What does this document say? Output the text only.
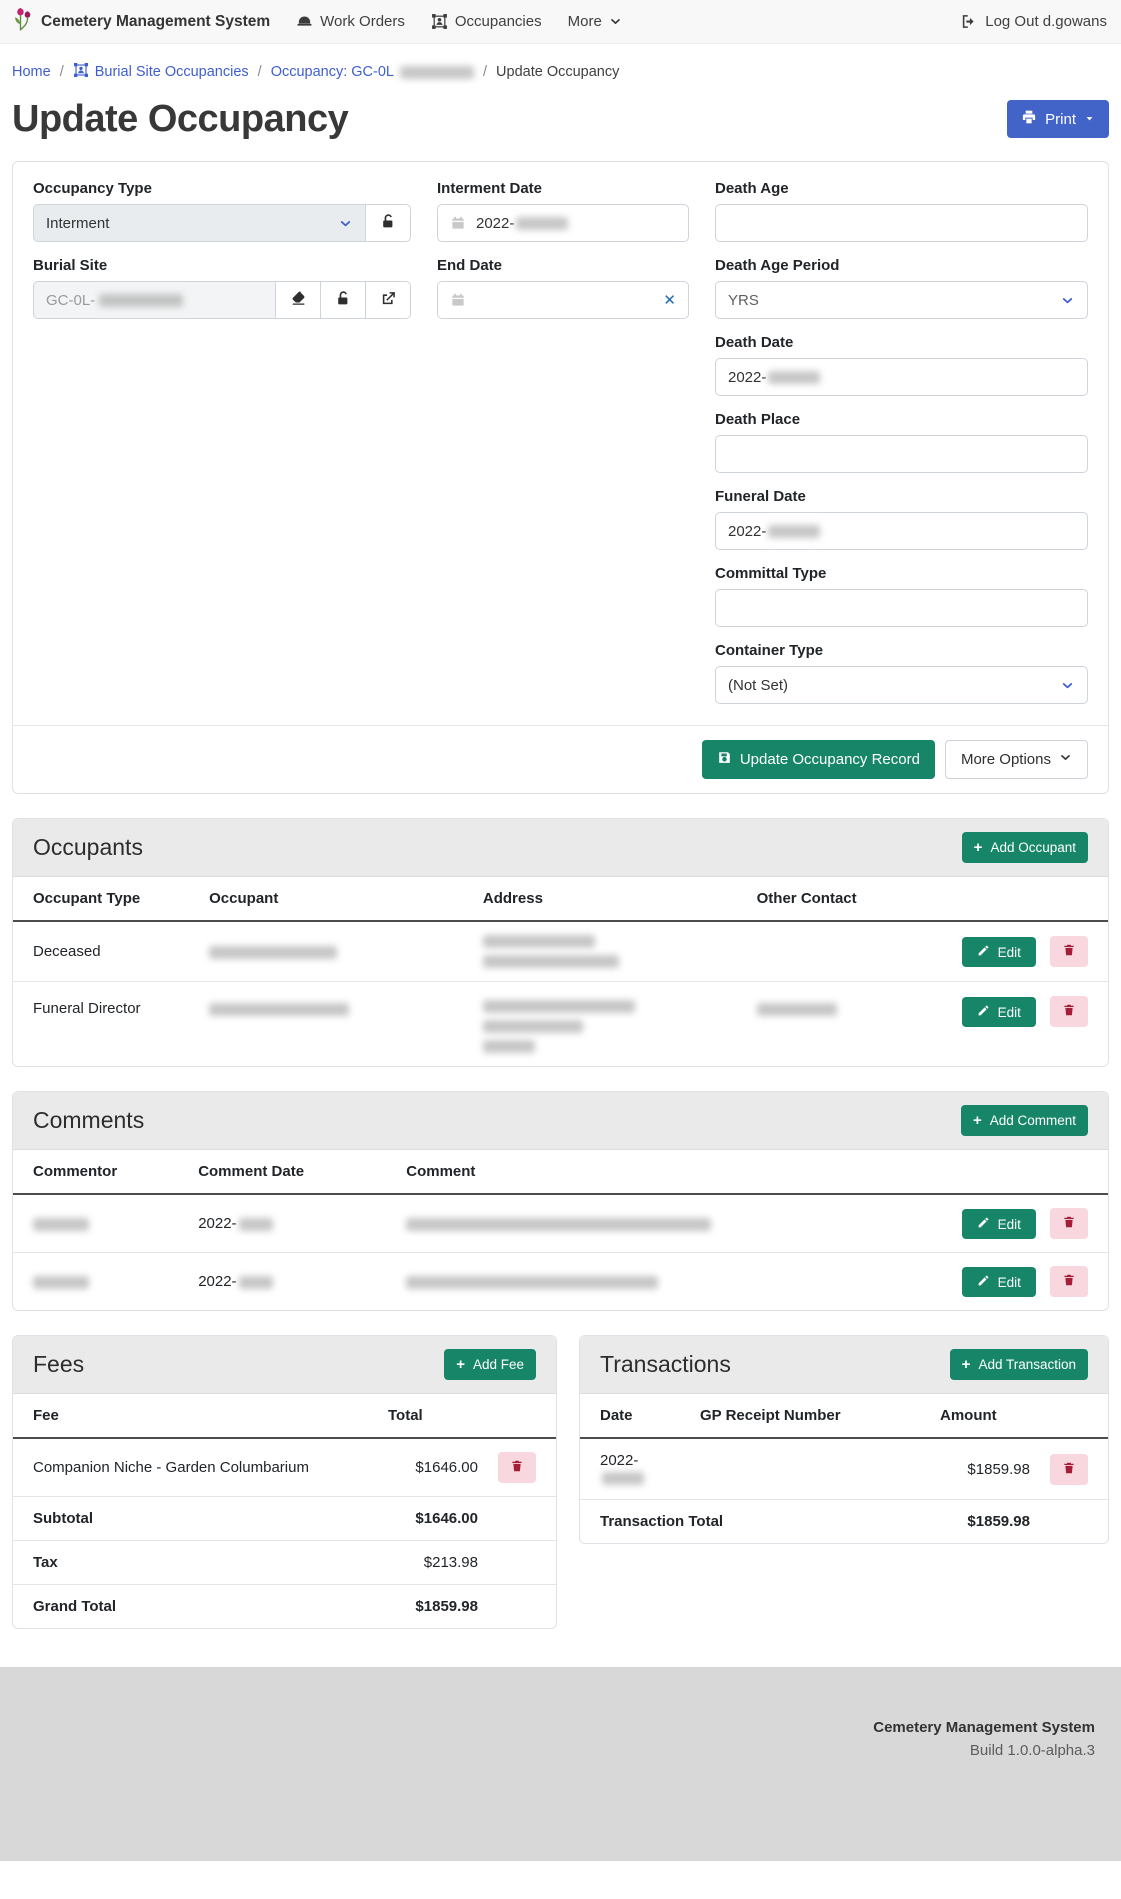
Cemetery Management System	Work Orders	Occupancies More	Log Out d.gowans
Home / Burial Site Occupancies / Occupancy: GC-0L	/ Update Occupancy
Update Occupancy	Print
Occupancy Type
Interment
Burial Site
GC-0L-
Interment Date
2022-
End Date
✕
Death Age
Death Age Period
YRS
Death Date
2022-
Death Place
Funeral Date
2022-
Committal Type
Container Type
(Not Set)
Update Occupancy Record	More Options
Occupants	+ Add Occupant
Occupant Type	Occupant	Address	Other Contact	
Deceased				Edit

Funeral Director				Edit

Comments	+ Add Comment
Commentor	Comment Date	Comment	
	2022-		Edit

	2022-		Edit

Fees	+ Add Fee
Fee	Total	
Companion Niche - Garden Columbarium	$1646.00	

Subtotal	$1646.00	
Tax	$213.98	
Grand Total	$1859.98	
Transactions	+ Add Transaction
Date	GP Receipt Number	Amount	
2022-		$1859.98	

Transaction Total		$1859.98	
Cemetery Management System
Build 1.0.0-alpha.3
